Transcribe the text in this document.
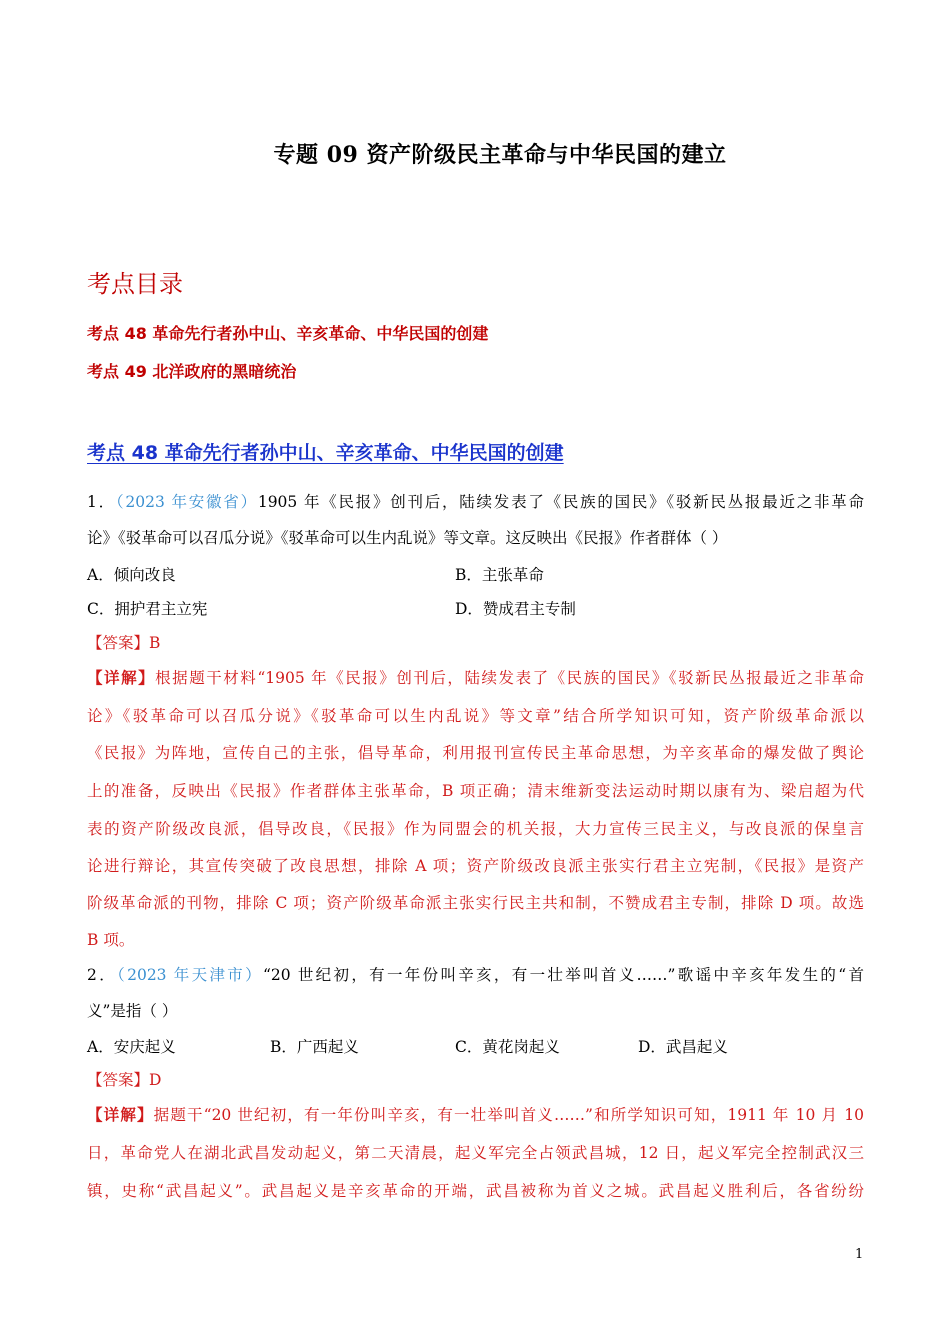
专题 09 资产阶级民主革命与中华民国的建立
考点目录
考点 48 革命先行者孙中山、辛亥革命、中华民国的创建
考点 49 北洋政府的黑暗统治
考点 48 革命先行者孙中山、辛亥革命、中华民国的创建
1．（2023 年安徽省）1905 年《民报》创刊后，陆续发表了《民族的国民》《驳新民丛报最近之非革命
论》《驳革命可以召瓜分说》《驳革命可以生内乱说》等文章。这反映出《民报》作者群体（ ）
A．倾向改良	B．主张革命
C．拥护君主立宪	D．赞成君主专制
【答案】B
【详解】根据题干材料“1905 年《民报》创刊后，陆续发表了《民族的国民》《驳新民丛报最近之非革命
论》《驳革命可以召瓜分说》《驳革命可以生内乱说》等文章”结合所学知识可知，资产阶级革命派以
《民报》为阵地，宣传自己的主张，倡导革命，利用报刊宣传民主革命思想，为辛亥革命的爆发做了舆论
上的准备，反映出《民报》作者群体主张革命，B 项正确；清末维新变法运动时期以康有为、梁启超为代
表的资产阶级改良派，倡导改良，《民报》作为同盟会的机关报，大力宣传三民主义，与改良派的保皇言
论进行辩论，其宣传突破了改良思想，排除 A 项；资产阶级改良派主张实行君主立宪制，《民报》是资产
阶级革命派的刊物，排除 C 项；资产阶级革命派主张实行民主共和制，不赞成君主专制，排除 D 项。故选
B 项。
2．（2023 年天津市）“20 世纪初，有一年份叫辛亥，有一壮举叫首义……”歌谣中辛亥年发生的“首
义”是指（ ）
A．安庆起义	B．广西起义	C．黄花岗起义	D．武昌起义
【答案】D
【详解】据题干“20 世纪初，有一年份叫辛亥，有一壮举叫首义……”和所学知识可知，1911 年 10 月 10
日，革命党人在湖北武昌发动起义，第二天清晨，起义军完全占领武昌城，12 日，起义军完全控制武汉三
镇，史称“武昌起义”。武昌起义是辛亥革命的开端，武昌被称为首义之城。武昌起义胜利后，各省纷纷
1
